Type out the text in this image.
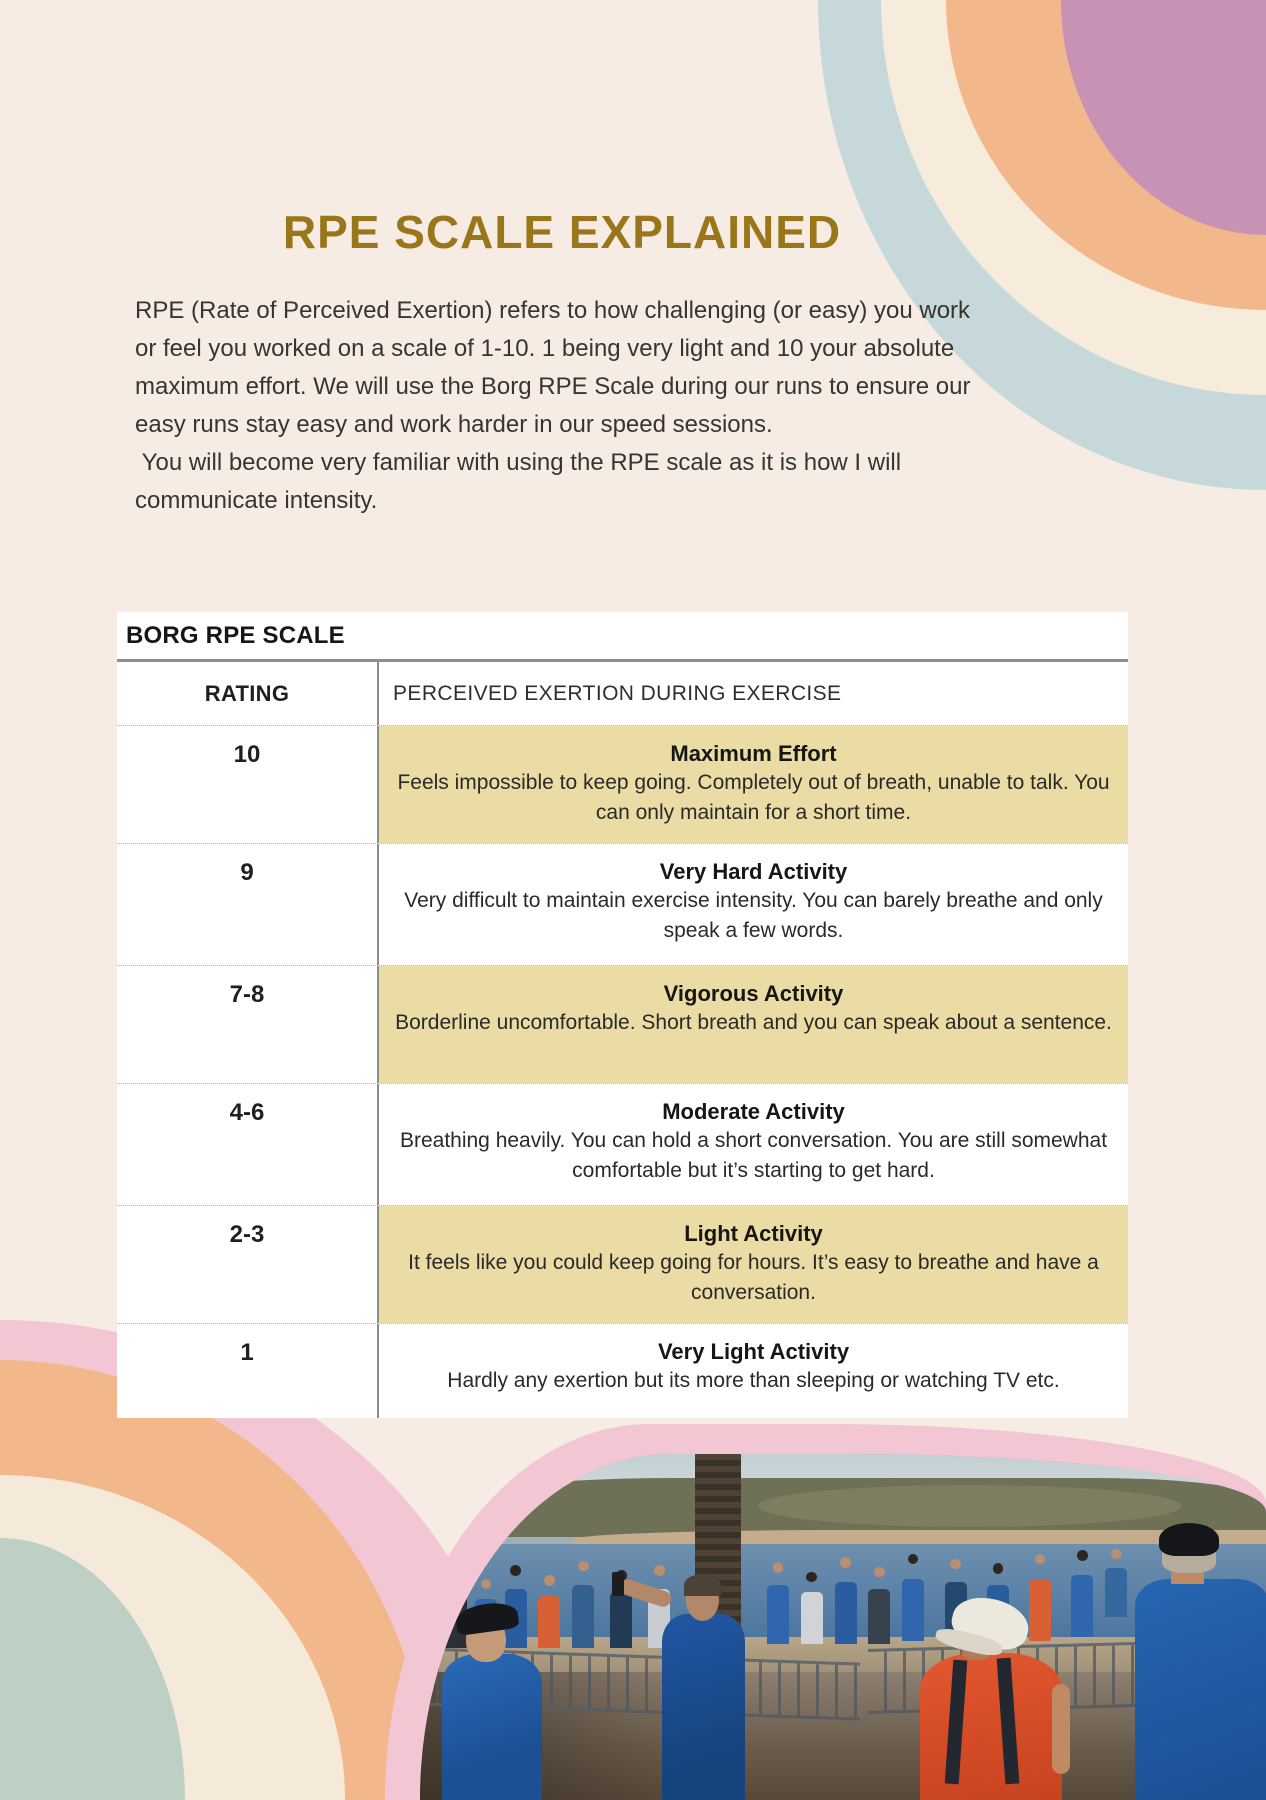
RPE SCALE EXPLAINED

RPE (Rate of Perceived Exertion) refers to how challenging (or easy) you work or feel you worked on a scale of 1-10. 1 being very light and 10 your absolute maximum effort. We will use the Borg RPE Scale during our runs to ensure our easy runs stay easy and work harder in our speed sessions.

You will become very familiar with using the RPE scale as it is how I will communicate intensity.

BORG RPE SCALE
RATING	PERCEIVED EXERTION DURING EXERCISE
10	Maximum Effort
Feels impossible to keep going. Completely out of breath, unable to talk. You can only maintain for a short time.
9	Very Hard Activity
Very difficult to maintain exercise intensity. You can barely breathe and only speak a few words.
7-8	Vigorous Activity
Borderline uncomfortable. Short breath and you can speak about a sentence.
4-6	Moderate Activity
Breathing heavily. You can hold a short conversation. You are still somewhat comfortable but it’s starting to get hard.
2-3	Light Activity
It feels like you could keep going for hours. It’s easy to breathe and have a conversation.
1	Very Light Activity
Hardly any exertion but its more than sleeping or watching TV etc.
